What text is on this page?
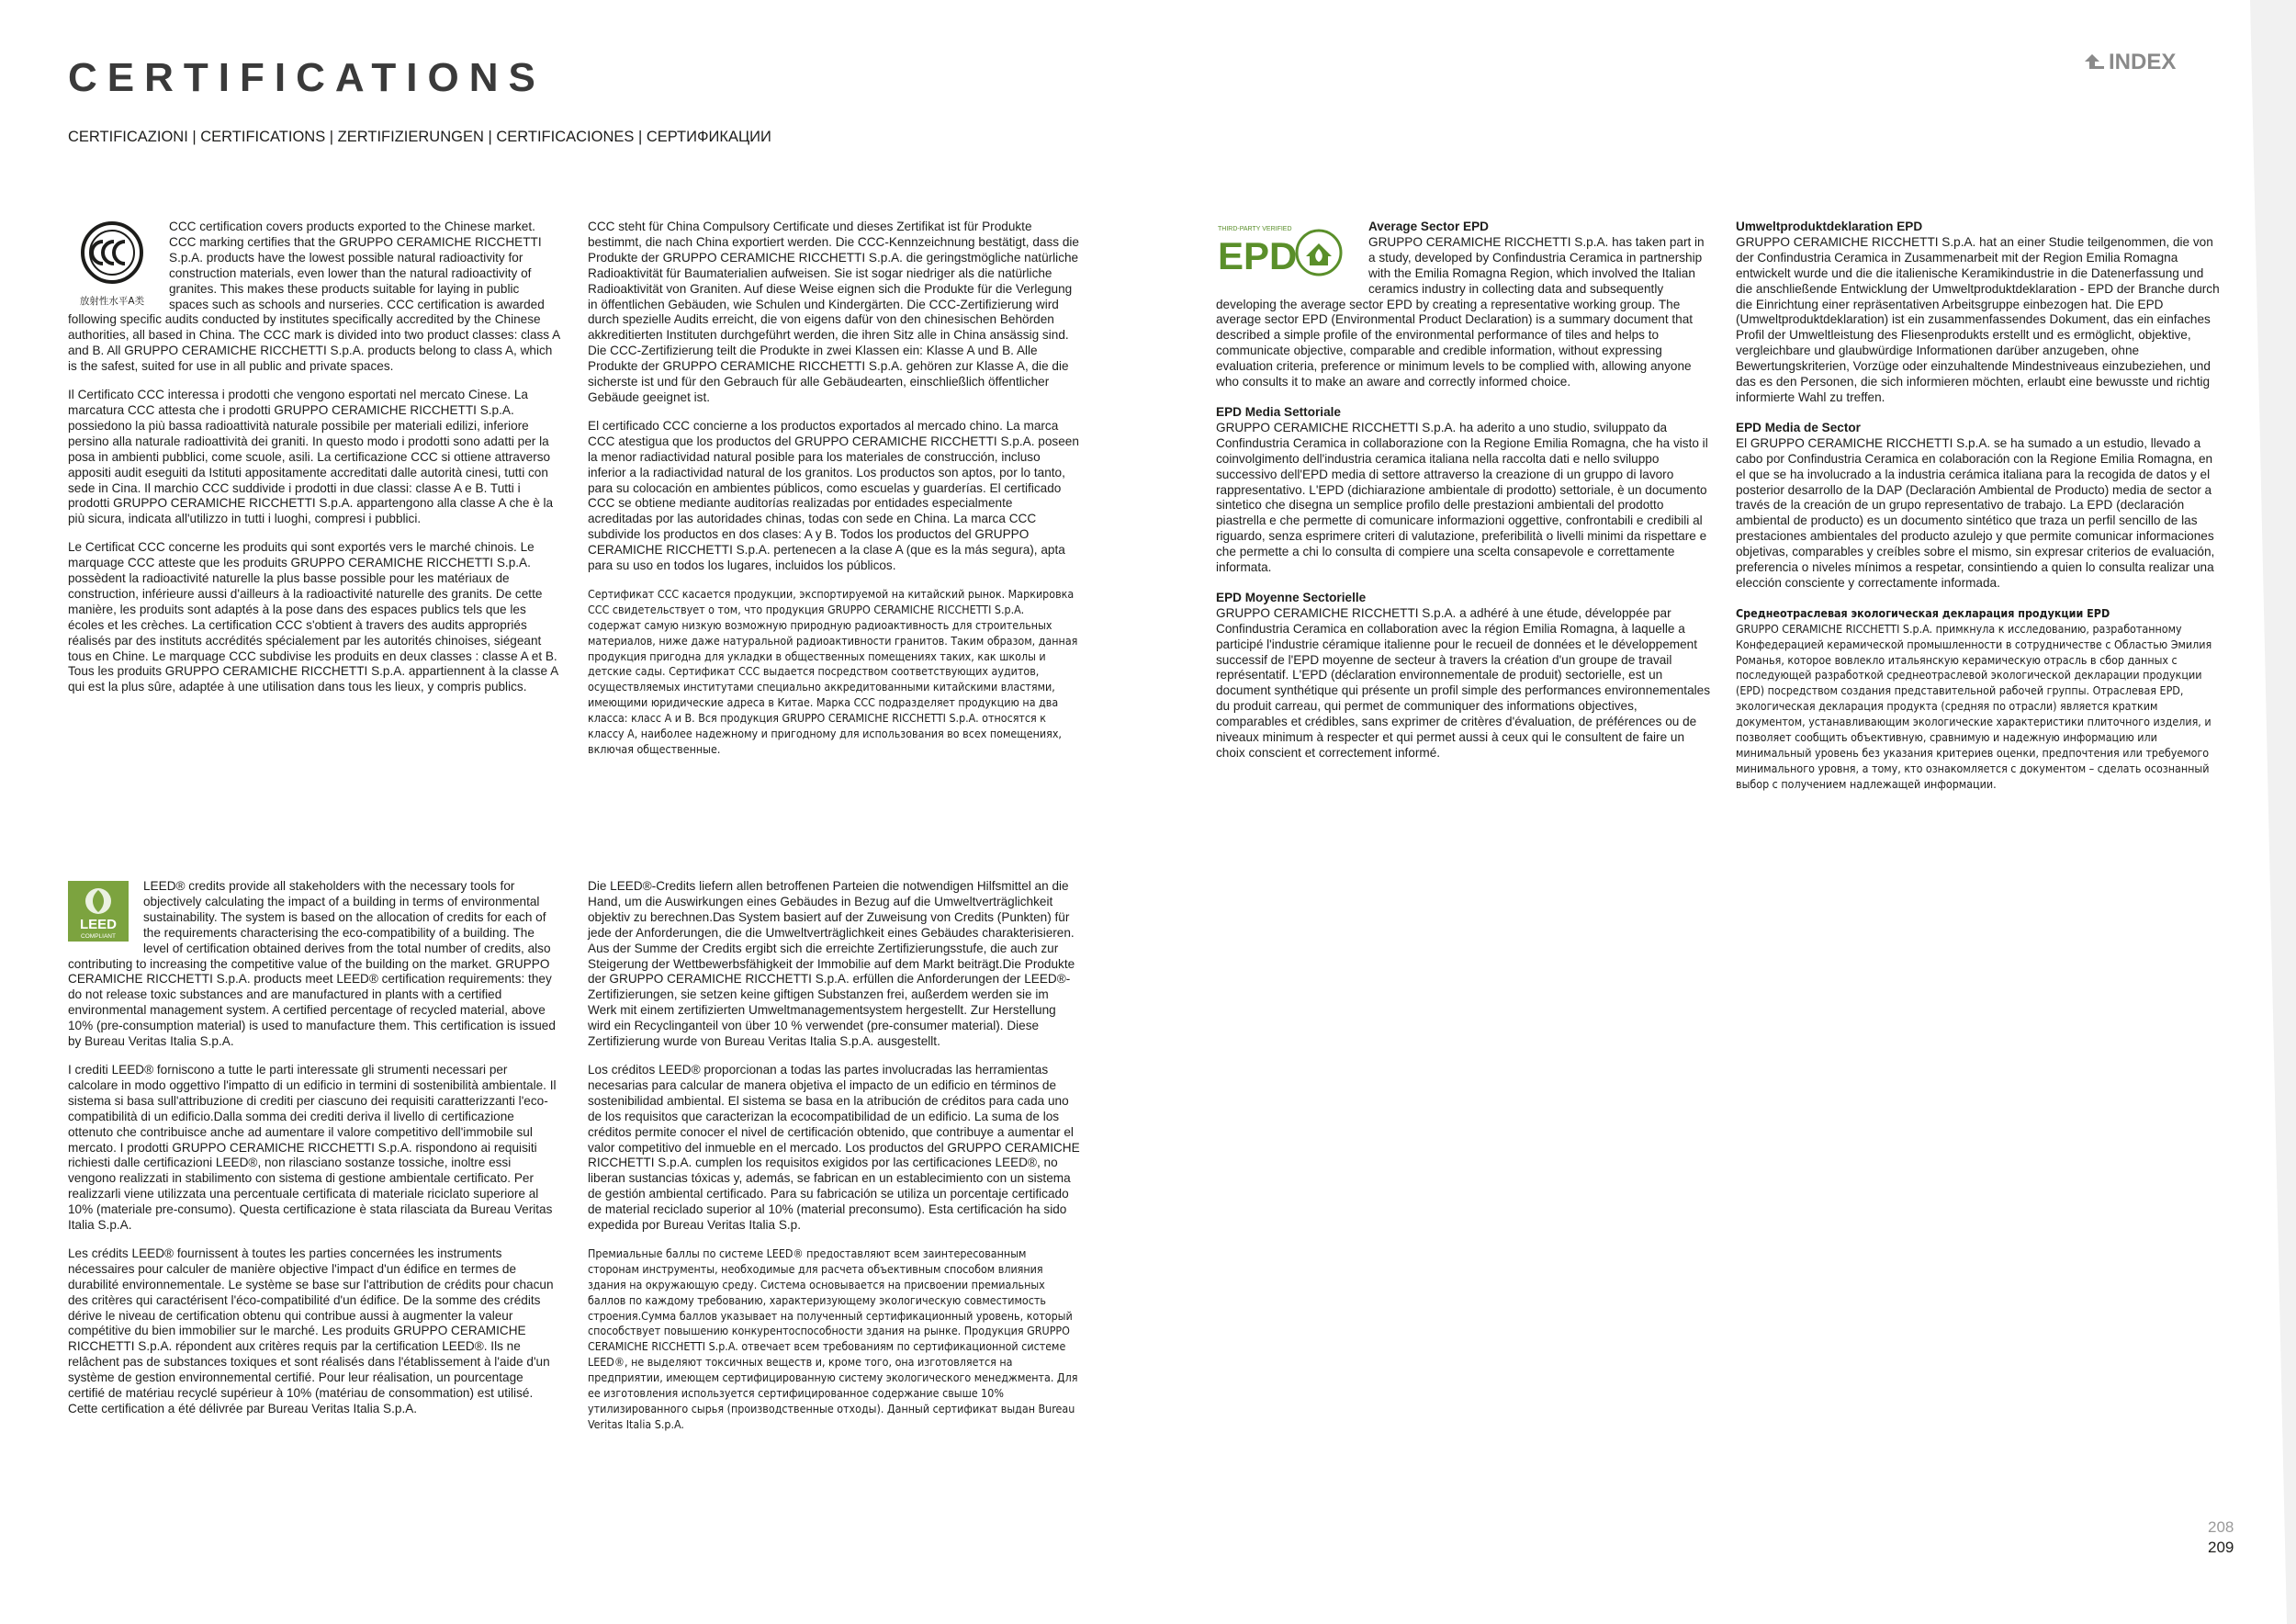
CERTIFICATIONS
CERTIFICAZIONI | CERTIFICATIONS | ZERTIFIZIERUNGEN | CERTIFICACIONES | СЕРТИФИКАЦИИ
INDEX
放射性水平A类

CCC certification covers products exported to the Chinese market. CCC marking certifies that the GRUPPO CERAMICHE RICCHETTI S.p.A. products have the lowest possible natural radioactivity for construction materials, even lower than the natural radioactivity of granites. This makes these products suitable for laying in public spaces such as schools and nurseries. CCC certification is awarded following specific audits conducted by institutes specifically accredited by the Chinese authorities, all based in China. The CCC mark is divided into two product classes: class A and B. All GRUPPO CERAMICHE RICCHETTI S.p.A. products belong to class A, which is the safest, suited for use in all public and private spaces.

Il Certificato CCC interessa i prodotti che vengono esportati nel mercato Cinese. La marcatura CCC attesta che i prodotti GRUPPO CERAMICHE RICCHETTI S.p.A. possiedono la più bassa radioattività naturale possibile per materiali edilizi, inferiore persino alla naturale radioattività dei graniti. In questo modo i prodotti sono adatti per la posa in ambienti pubblici, come scuole, asili. La certificazione CCC si ottiene attraverso appositi audit eseguiti da Istituti appositamente accreditati dalle autorità cinesi, tutti con sede in Cina. Il marchio CCC suddivide i prodotti in due classi: classe A e B. Tutti i prodotti GRUPPO CERAMICHE RICCHETTI S.p.A. appartengono alla classe A che è la più sicura, indicata all'utilizzo in tutti i luoghi, compresi i pubblici.

Le Certificat CCC concerne les produits qui sont exportés vers le marché chinois. Le marquage CCC atteste que les produits GRUPPO CERAMICHE RICCHETTI S.p.A. possèdent la radioactivité naturelle la plus basse possible pour les matériaux de construction, inférieure aussi d'ailleurs à la radioactivité naturelle des granits. De cette manière, les produits sont adaptés à la pose dans des espaces publics tels que les écoles et les crèches. La certification CCC s'obtient à travers des audits appropriés réalisés par des instituts accrédités spécialement par les autorités chinoises, siégeant tous en Chine. Le marquage CCC subdivise les produits en deux classes : classe A et B. Tous les produits GRUPPO CERAMICHE RICCHETTI S.p.A. appartiennent à la classe A qui est la plus sûre, adaptée à une utilisation dans tous les lieux, y compris publics.

CCC steht für China Compulsory Certificate und dieses Zertifikat ist für Produkte bestimmt, die nach China exportiert werden. Die CCC-Kennzeichnung bestätigt, dass die Produkte der GRUPPO CERAMICHE RICCHETTI S.p.A. die geringstmögliche natürliche Radioaktivität für Baumaterialien aufweisen. Sie ist sogar niedriger als die natürliche Radioaktivität von Graniten. Auf diese Weise eignen sich die Produkte für die Verlegung in öffentlichen Gebäuden, wie Schulen und Kindergärten. Die CCC-Zertifizierung wird durch spezielle Audits erreicht, die von eigens dafür von den chinesischen Behörden akkreditierten Instituten durchgeführt werden, die ihren Sitz alle in China ansässig sind. Die CCC-Zertifizierung teilt die Produkte in zwei Klassen ein: Klasse A und B. Alle Produkte der GRUPPO CERAMICHE RICCHETTI S.p.A. gehören zur Klasse A, die die sicherste ist und für den Gebrauch für alle Gebäudearten, einschließlich öffentlicher Gebäude geeignet ist.

El certificado CCC concierne a los productos exportados al mercado chino. La marca CCC atestigua que los productos del GRUPPO CERAMICHE RICCHETTI S.p.A. poseen la menor radiactividad natural posible para los materiales de construcción, incluso inferior a la radiactividad natural de los granitos. Los productos son aptos, por lo tanto, para su colocación en ambientes públicos, como escuelas y guarderías. El certificado CCC se obtiene mediante auditorías realizadas por entidades especialmente acreditadas por las autoridades chinas, todas con sede en China. La marca CCC subdivide los productos en dos clases: A y B. Todos los productos del GRUPPO CERAMICHE RICCHETTI S.p.A. pertenecen a la clase A (que es la más segura), apta para su uso en todos los lugares, incluidos los públicos.

Сертификат CCC касается продукции, экспортируемой на китайский рынок. Маркировка CCC свидетельствует о том, что продукция GRUPPO CERAMICHE RICCHETTI S.p.A. содержат самую низкую возможную природную радиоактивность для строительных материалов, ниже даже натуральной радиоактивности гранитов. Таким образом, данная продукция пригодна для укладки в общественных помещениях таких, как школы и детские сады. Сертификат CCC выдается посредством соответствующих аудитов, осуществляемых институтами специально аккредитованными китайскими властями, имеющими юридические адреса в Китае. Марка CCC подразделяет продукцию на два класса: класс А и В. Вся продукция GRUPPO CERAMICHE RICCHETTI S.p.A. относятся к классу А, наиболее надежному и пригодному для использования во всех помещениях, включая общественные.

LEED
COMPLIANT

LEED® credits provide all stakeholders with the necessary tools for objectively calculating the impact of a building in terms of environmental sustainability. The system is based on the allocation of credits for each of the requirements characterising the eco-compatibility of a building. The level of certification obtained derives from the total number of credits, also contributing to increasing the competitive value of the building on the market. GRUPPO CERAMICHE RICCHETTI S.p.A. products meet LEED® certification requirements: they do not release toxic substances and are manufactured in plants with a certified environmental management system. A certified percentage of recycled material, above 10% (pre-consumption material) is used to manufacture them. This certification is issued by Bureau Veritas Italia S.p.A.

I crediti LEED® forniscono a tutte le parti interessate gli strumenti necessari per calcolare in modo oggettivo l'impatto di un edificio in termini di sostenibilità ambientale. Il sistema si basa sull'attribuzione di crediti per ciascuno dei requisiti caratterizzanti l'eco-compatibilità di un edificio.Dalla somma dei crediti deriva il livello di certificazione ottenuto che contribuisce anche ad aumentare il valore competitivo dell'immobile sul mercato. I prodotti GRUPPO CERAMICHE RICCHETTI S.p.A. rispondono ai requisiti richiesti dalle certificazioni LEED®, non rilasciano sostanze tossiche, inoltre essi vengono realizzati in stabilimento con sistema di gestione ambientale certificato. Per realizzarli viene utilizzata una percentuale certificata di materiale riciclato superiore al 10% (materiale pre-consumo). Questa certificazione è stata rilasciata da Bureau Veritas Italia S.p.A.

Les crédits LEED® fournissent à toutes les parties concernées les instruments nécessaires pour calculer de manière objective l'impact d'un édifice en termes de durabilité environnementale. Le système se base sur l'attribution de crédits pour chacun des critères qui caractérisent l'éco-compatibilité d'un édifice. De la somme des crédits dérive le niveau de certification obtenu qui contribue aussi à augmenter la valeur compétitive du bien immobilier sur le marché. Les produits GRUPPO CERAMICHE RICCHETTI S.p.A. répondent aux critères requis par la certification LEED®. Ils ne relâchent pas de substances toxiques et sont réalisés dans l'établissement à l'aide d'un système de gestion environnemental certifié. Pour leur réalisation, un pourcentage certifié de matériau recyclé supérieur à 10% (matériau de consommation) est utilisé. Cette certification a été délivrée par Bureau Veritas Italia S.p.A.

Die LEED®-Credits liefern allen betroffenen Parteien die notwendigen Hilfsmittel an die Hand, um die Auswirkungen eines Gebäudes in Bezug auf die Umweltverträglichkeit objektiv zu berechnen.Das System basiert auf der Zuweisung von Credits (Punkten) für jede der Anforderungen, die die Umweltverträglichkeit eines Gebäudes charakterisieren. Aus der Summe der Credits ergibt sich die erreichte Zertifizierungsstufe, die auch zur Steigerung der Wettbewerbsfähigkeit der Immobilie auf dem Markt beiträgt.Die Produkte der GRUPPO CERAMICHE RICCHETTI S.p.A. erfüllen die Anforderungen der LEED®-Zertifizierungen, sie setzen keine giftigen Substanzen frei, außerdem werden sie im Werk mit einem zertifizierten Umweltmanagementsystem hergestellt. Zur Herstellung wird ein Recyclinganteil von über 10 % verwendet (pre-consumer material). Diese Zertifizierung wurde von Bureau Veritas Italia S.p.A. ausgestellt.

Los créditos LEED® proporcionan a todas las partes involucradas las herramientas necesarias para calcular de manera objetiva el impacto de un edificio en términos de sostenibilidad ambiental. El sistema se basa en la atribución de créditos para cada uno de los requisitos que caracterizan la ecocompatibilidad de un edificio. La suma de los créditos permite conocer el nivel de certificación obtenido, que contribuye a aumentar el valor competitivo del inmueble en el mercado. Los productos del GRUPPO CERAMICHE RICCHETTI S.p.A. cumplen los requisitos exigidos por las certificaciones LEED®, no liberan sustancias tóxicas y, además, se fabrican en un establecimiento con un sistema de gestión ambiental certificado. Para su fabricación se utiliza un porcentaje certificado de material reciclado superior al 10% (material preconsumo). Esta certificación ha sido expedida por Bureau Veritas Italia S.p.

Премиальные баллы по системе LEED® предоставляют всем заинтересованным сторонам инструменты, необходимые для расчета объективным способом влияния здания на окружающую среду. Система основывается на присвоении премиальных баллов по каждому требованию, характеризующему экологическую совместимость строения.Сумма баллов указывает на полученный сертификационный уровень, который способствует повышению конкурентоспособности здания на рынке. Продукция GRUPPO CERAMICHE RICCHETTI S.p.A. отвечает всем требованиям по сертификационной системе LEED®, не выделяют токсичных веществ и, кроме того, она изготовляется на предприятии, имеющем сертифицированную систему экологического менеджмента. Для ее изготовления используется сертифицированное содержание свыше 10% утилизированного сырья (производственные отходы). Данный сертификат выдан Bureau Veritas Italia S.p.A.

THIRD-PARTY VERIFIED
EPD
Average Sector EPD
GRUPPO CERAMICHE RICCHETTI S.p.A. has taken part in a study, developed by Confindustria Ceramica in partnership with the Emilia Romagna Region, which involved the Italian ceramics industry in collecting data and subsequently developing the average sector EPD by creating a representative working group. The average sector EPD (Environmental Product Declaration) is a summary document that described a simple profile of the environmental performance of tiles and helps to communicate objective, comparable and credible information, without expressing evaluation criteria, preference or minimum levels to be complied with, allowing anyone who consults it to make an aware and correctly informed choice.
EPD Media Settoriale
GRUPPO CERAMICHE RICCHETTI S.p.A. ha aderito a uno studio, sviluppato da Confindustria Ceramica in collaborazione con la Regione Emilia Romagna, che ha visto il coinvolgimento dell'industria ceramica italiana nella raccolta dati e nello sviluppo successivo dell'EPD media di settore attraverso la creazione di un gruppo di lavoro rappresentativo. L'EPD (dichiarazione ambientale di prodotto) settoriale, è un documento sintetico che disegna un semplice profilo delle prestazioni ambientali del prodotto piastrella e che permette di comunicare informazioni oggettive, confrontabili e credibili al riguardo, senza esprimere criteri di valutazione, preferibilità o livelli minimi da rispettare e che permette a chi lo consulta di compiere una scelta consapevole e correttamente informata.
EPD Moyenne Sectorielle
GRUPPO CERAMICHE RICCHETTI S.p.A. a adhéré à une étude, développée par Confindustria Ceramica en collaboration avec la région Emilia Romagna, à laquelle a participé l'industrie céramique italienne pour le recueil de données et le développement successif de l'EPD moyenne de secteur à travers la création d'un groupe de travail représentatif. L'EPD (déclaration environnementale de produit) sectorielle, est un document synthétique qui présente un profil simple des performances environnementales du produit carreau, qui permet de communiquer des informations objectives, comparables et crédibles, sans exprimer de critères d'évaluation, de préférences ou de niveaux minimum à respecter et qui permet aussi à ceux qui le consultent de faire un choix conscient et correctement informé.
Umweltproduktdeklaration EPD
GRUPPO CERAMICHE RICCHETTI S.p.A. hat an einer Studie teilgenommen, die von der Confindustria Ceramica in Zusammenarbeit mit der Region Emilia Romagna entwickelt wurde und die die italienische Keramikindustrie in die Datenerfassung und die anschließende Entwicklung der Umweltproduktdeklaration - EPD der Branche durch die Einrichtung einer repräsentativen Arbeitsgruppe einbezogen hat. Die EPD (Umweltproduktdeklaration) ist ein zusammenfassendes Dokument, das ein einfaches Profil der Umweltleistung des Fliesenprodukts erstellt und es ermöglicht, objektive, vergleichbare und glaubwürdige Informationen darüber anzugeben, ohne Bewertungskriterien, Vorzüge oder einzuhaltende Mindestniveaus einzubeziehen, und das es den Personen, die sich informieren möchten, erlaubt eine bewusste und richtig informierte Wahl zu treffen.
EPD Media de Sector
El GRUPPO CERAMICHE RICCHETTI S.p.A. se ha sumado a un estudio, llevado a cabo por Confindustria Ceramica en colaboración con la Regione Emilia Romagna, en el que se ha involucrado a la industria cerámica italiana para la recogida de datos y el posterior desarrollo de la DAP (Declaración Ambiental de Producto) media de sector a través de la creación de un grupo representativo de trabajo. La EPD (declaración ambiental de producto) es un documento sintético que traza un perfil sencillo de las prestaciones ambientales del producto azulejo y que permite comunicar informaciones objetivas, comparables y creíbles sobre el mismo, sin expresar criterios de evaluación, preferencia o niveles mínimos a respetar, consintiendo a quien lo consulta realizar una elección consciente y correctamente informada.
Среднеотраслевая экологическая декларация продукции EPD
GRUPPO CERAMICHE RICCHETTI S.p.A. примкнула к исследованию, разработанному Конфедерацией керамической промышленности в сотрудничестве с Областью Эмилия Романья, которое вовлекло итальянскую керамическую отрасль в сбор данных с последующей разработкой среднеотраслевой экологической декларации продукции (EPD) посредством создания представительной рабочей группы. Отраслевая EPD, экологическая декларация продукта (средняя по отрасли) является кратким документом, устанавливающим экологические характеристики плиточного изделия, и позволяет сообщить объективную, сравнимую и надежную информацию или минимальный уровень без указания критериев оценки, предпочтения или требуемого минимального уровня, а тому, кто ознакомляется с документом – сделать осознанный выбор с получением надлежащей информации.
208
209
